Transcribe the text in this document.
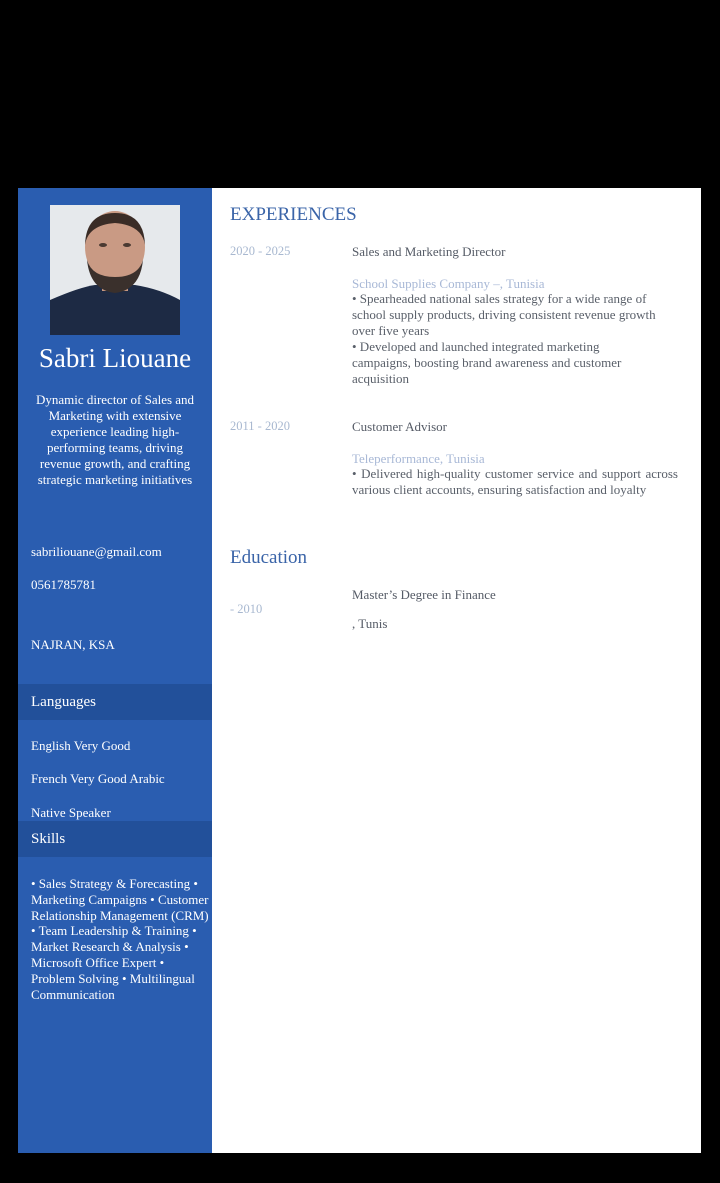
Sabri Liouane
Dynamic director of Sales and Marketing with extensive experience leading high-performing teams, driving revenue growth, and crafting strategic marketing initiatives
sabriliouane@gmail.com
0561785781
NAJRAN, KSA
Languages
English Very Good
French Very Good Arabic
Native Speaker
Skills
• Sales Strategy & Forecasting • Marketing Campaigns • Customer Relationship Management (CRM) • Team Leadership & Training • Market Research & Analysis • Microsoft Office Expert • Problem Solving • Multilingual Communication
EXPERIENCES
2020 - 2025	Sales and Marketing Director
School Supplies Company –, Tunisia
• Spearheaded national sales strategy for a wide range of school supply products, driving consistent revenue growth over five years
• Developed and launched integrated marketing campaigns, boosting brand awareness and customer acquisition
2011 - 2020	Customer Advisor
Teleperformance, Tunisia
• Delivered high-quality customer service and support across various client accounts, ensuring satisfaction and loyalty
Education
Master’s Degree in Finance
- 2010
, Tunis
